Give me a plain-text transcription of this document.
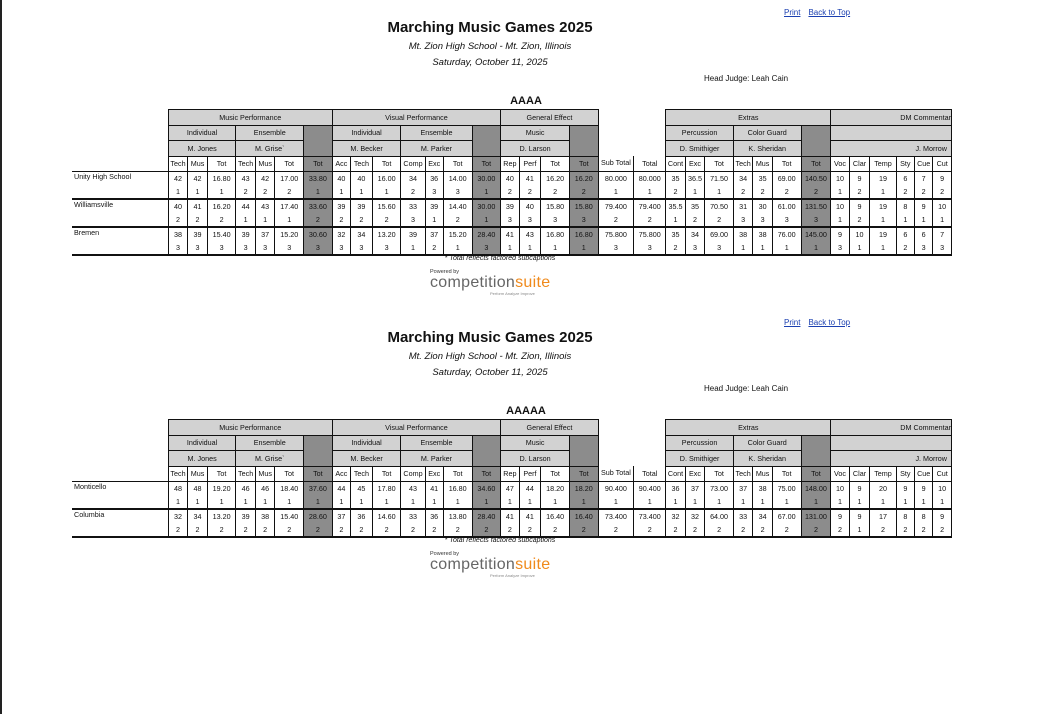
Print Back to Top
Marching Music Games 2025
Mt. Zion High School - Mt. Zion, Illinois
Saturday, October 11, 2025
Head Judge: Leah Cain
AAAA
	Music Performance							Visual Performance							General Effect						Extras							DM Commentar					
	Individual			Ensemble				Individual			Ensemble				Music						Percussion			Color Guard									
	M. Jones			M. Grise`				M. Becker			M. Parker				D. Larson						D. Smithiger			K. Sheridan				J. Morrow					
	Tech	Mus	Tot	Tech	Mus	Tot	Tot	Acc	Tech	Tot	Comp	Exc	Tot	Tot	Rep	Perf	Tot	Tot	Sub Total	Total	Cont	Exc	Tot	Tech	Mus	Tot	Tot	Voc	Clar	Temp	Sty	Cue	Cut
Unity High School	42	42	16.80	43	42	17.00	33.80	40	40	16.00	34	36	14.00	30.00	40	41	16.20	16.20	80.000	80.000	35	36.5	71.50	34	35	69.00	140.50	10	9	19	6	7	9
	1	1	1	2	2	2	1	1	1	1	2	3	3	1	2	2	2	2	1	1	2	1	1	2	2	2	2	1	2	1	2	2	2
Williamsville	40	41	16.20	44	43	17.40	33.60	39	39	15.60	33	39	14.40	30.00	39	40	15.80	15.80	79.400	79.400	35.5	35	70.50	31	30	61.00	131.50	10	9	19	8	9	10
	2	2	2	1	1	1	2	2	2	2	3	1	2	1	3	3	3	3	2	2	1	2	2	3	3	3	3	1	2	1	1	1	1
Bremen	38	39	15.40	39	37	15.20	30.60	32	34	13.20	39	37	15.20	28.40	41	43	16.80	16.80	75.800	75.800	35	34	69.00	38	38	76.00	145.00	9	10	19	6	6	7
	3	3	3	3	3	3	3	3	3	3	1	2	1	3	1	1	1	1	3	3	2	3	3	1	1	1	1	3	1	1	2	3	3
* Total reflects factored subcaptions
Powered by
competitionsuite
Perform Analyze Improve
Print Back to Top
Marching Music Games 2025
Mt. Zion High School - Mt. Zion, Illinois
Saturday, October 11, 2025
Head Judge: Leah Cain
AAAAA
	Music Performance							Visual Performance							General Effect						Extras							DM Commentar					
	Individual			Ensemble				Individual			Ensemble				Music						Percussion			Color Guard									
	M. Jones			M. Grise`				M. Becker			M. Parker				D. Larson						D. Smithiger			K. Sheridan				J. Morrow					
	Tech	Mus	Tot	Tech	Mus	Tot	Tot	Acc	Tech	Tot	Comp	Exc	Tot	Tot	Rep	Perf	Tot	Tot	Sub Total	Total	Cont	Exc	Tot	Tech	Mus	Tot	Tot	Voc	Clar	Temp	Sty	Cue	Cut
Monticello	48	48	19.20	46	46	18.40	37.60	44	45	17.80	43	41	16.80	34.60	47	44	18.20	18.20	90.400	90.400	36	37	73.00	37	38	75.00	148.00	10	9	20	9	9	10
	1	1	1	1	1	1	1	1	1	1	1	1	1	1	1	1	1	1	1	1	1	1	1	1	1	1	1	1	1	1	1	1	1
Columbia	32	34	13.20	39	38	15.40	28.60	37	36	14.60	33	36	13.80	28.40	41	41	16.40	16.40	73.400	73.400	32	32	64.00	33	34	67.00	131.00	9	9	17	8	8	9
	2	2	2	2	2	2	2	2	2	2	2	2	2	2	2	2	2	2	2	2	2	2	2	2	2	2	2	2	1	2	2	2	2
* Total reflects factored subcaptions
Powered by
competitionsuite
Perform Analyze Improve
